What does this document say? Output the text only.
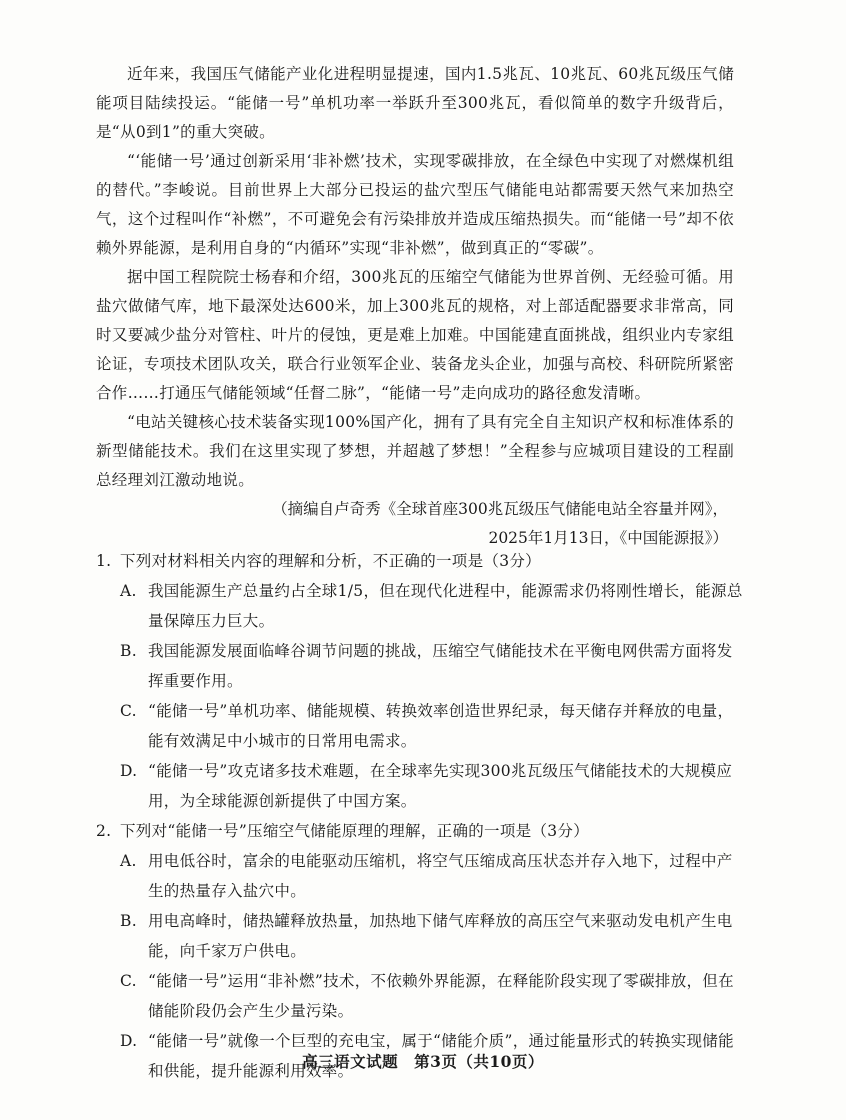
近年来，我国压气储能产业化进程明显提速，国内1.5兆瓦、10兆瓦、60兆瓦级压气储能项目陆续投运。“能储一号”单机功率一举跃升至300兆瓦，看似简单的数字升级背后，是“从0到1”的重大突破。

“‘能储一号’通过创新采用‘非补燃’技术，实现零碳排放，在全绿色中实现了对燃煤机组的替代。”李峻说。目前世界上大部分已投运的盐穴型压气储能电站都需要天然气来加热空气，这个过程叫作“补燃”，不可避免会有污染排放并造成压缩热损失。而“能储一号”却不依赖外界能源，是利用自身的“内循环”实现“非补燃”，做到真正的“零碳”。

据中国工程院院士杨春和介绍，300兆瓦的压缩空气储能为世界首例、无经验可循。用盐穴做储气库，地下最深处达600米，加上300兆瓦的规格，对上部适配器要求非常高，同时又要减少盐分对管柱、叶片的侵蚀，更是难上加难。中国能建直面挑战，组织业内专家组论证，专项技术团队攻关，联合行业领军企业、装备龙头企业，加强与高校、科研院所紧密合作……打通压气储能领域“任督二脉”，“能储一号”走向成功的路径愈发清晰。

“电站关键核心技术装备实现100%国产化，拥有了具有完全自主知识产权和标准体系的新型储能技术。我们在这里实现了梦想，并超越了梦想！”全程参与应城项目建设的工程副总经理刘江激动地说。

（摘编自卢奇秀《全球首座300兆瓦级压气储能电站全容量并网》，

2025年1月13日，《中国能源报》）

1. 下列对材料相关内容的理解和分析，不正确的一项是（3分）

A. 我国能源生产总量约占全球1/5，但在现代化进程中，能源需求仍将刚性增长，能源总量保障压力巨大。

B. 我国能源发展面临峰谷调节问题的挑战，压缩空气储能技术在平衡电网供需方面将发挥重要作用。

C. “能储一号”单机功率、储能规模、转换效率创造世界纪录，每天储存并释放的电量，能有效满足中小城市的日常用电需求。

D. “能储一号”攻克诸多技术难题，在全球率先实现300兆瓦级压气储能技术的大规模应用，为全球能源创新提供了中国方案。

2. 下列对“能储一号”压缩空气储能原理的理解，正确的一项是（3分）

A. 用电低谷时，富余的电能驱动压缩机，将空气压缩成高压状态并存入地下，过程中产生的热量存入盐穴中。

B. 用电高峰时，储热罐释放热量，加热地下储气库释放的高压空气来驱动发电机产生电能，向千家万户供电。

C. “能储一号”运用“非补燃”技术，不依赖外界能源，在释能阶段实现了零碳排放，但在储能阶段仍会产生少量污染。

D. “能储一号”就像一个巨型的充电宝，属于“储能介质”，通过能量形式的转换实现储能和供能，提升能源利用效率。

高三语文试题　第3页（共10页）
